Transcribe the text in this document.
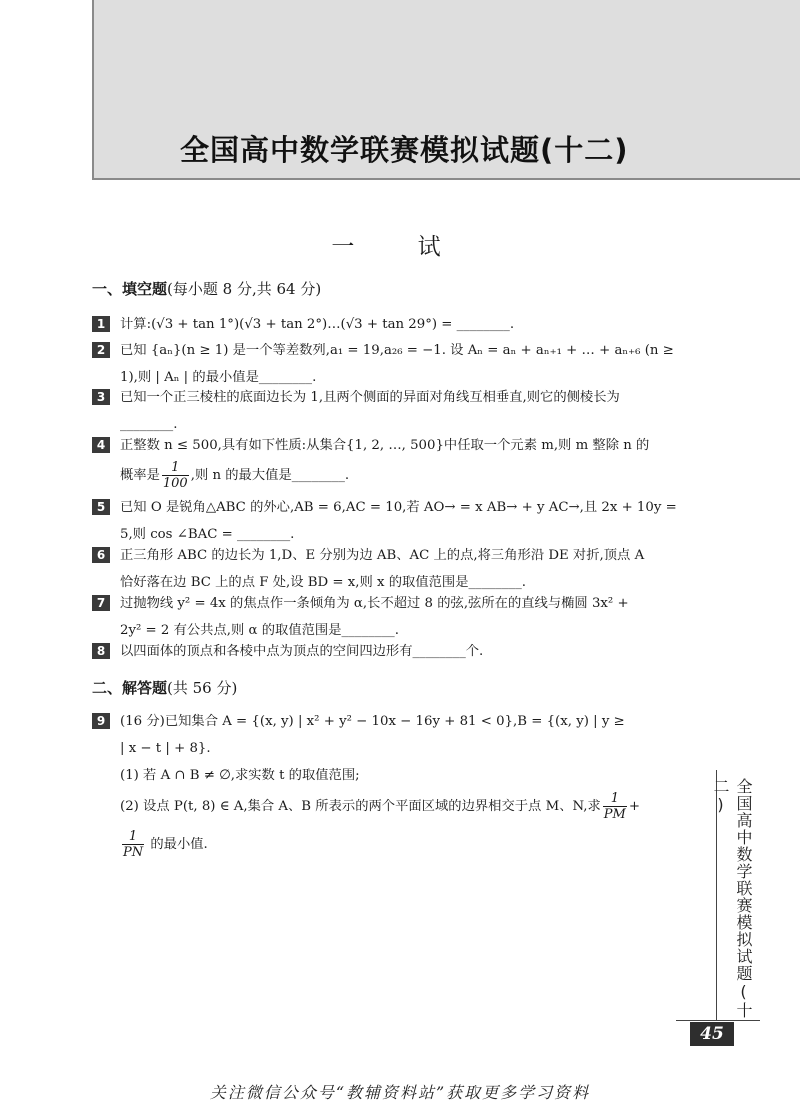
全国高中数学联赛模拟试题(十二)
一 试
一、填空题(每小题 8 分,共 64 分)
1	计算:(√3 + tan 1°)(√3 + tan 2°)…(√3 + tan 29°) = ________.
2	已知 {aₙ}(n ≥ 1) 是一个等差数列,a₁ = 19,a₂₆ = −1. 设 Aₙ = aₙ + aₙ₊₁ + … + aₙ₊₆ (n ≥
1),则 | Aₙ | 的最小值是________.
3	已知一个正三棱柱的底面边长为 1,且两个侧面的异面对角线互相垂直,则它的侧棱长为
________.
4	正整数 n ≤ 500,具有如下性质:从集合{1, 2, …, 500}中任取一个元素 m,则 m 整除 n 的
概率是 $\frac{1}{100}$ ,则 n 的最大值是________.
5	已知 O 是锐角△ABC 的外心,AB = 6,AC = 10,若 AO→ = x AB→ + y AC→,且 2x + 10y =
5,则 cos ∠BAC = ________.
6	正三角形 ABC 的边长为 1,D、E 分别为边 AB、AC 上的点,将三角形沿 DE 对折,顶点 A
恰好落在边 BC 上的点 F 处,设 BD = x,则 x 的取值范围是________.
7	过抛物线 y² = 4x 的焦点作一条倾角为 α,长不超过 8 的弦,弦所在的直线与椭圆 3x² +
2y² = 2 有公共点,则 α 的取值范围是________.
8	以四面体的顶点和各棱中点为顶点的空间四边形有________个.
二、解答题(共 56 分)
9	(16 分)已知集合 A = {(x, y) | x² + y² − 10x − 16y + 81 < 0},B = {(x, y) | y ≥
| x − t | + 8}.
(1) 若 A ∩ B ≠ ∅,求实数 t 的取值范围;
(2) 设点 P(t, 8) ∈ A,集合 A、B 所表示的两个平面区域的边界相交于点 M、N,求 $\frac{1}{PM}$ +
$\frac{1}{PN}$ 的最小值.	全国高中数学联赛模拟试题(十二)
45
关注微信公众号“教辅资料站”获取更多学习资料
